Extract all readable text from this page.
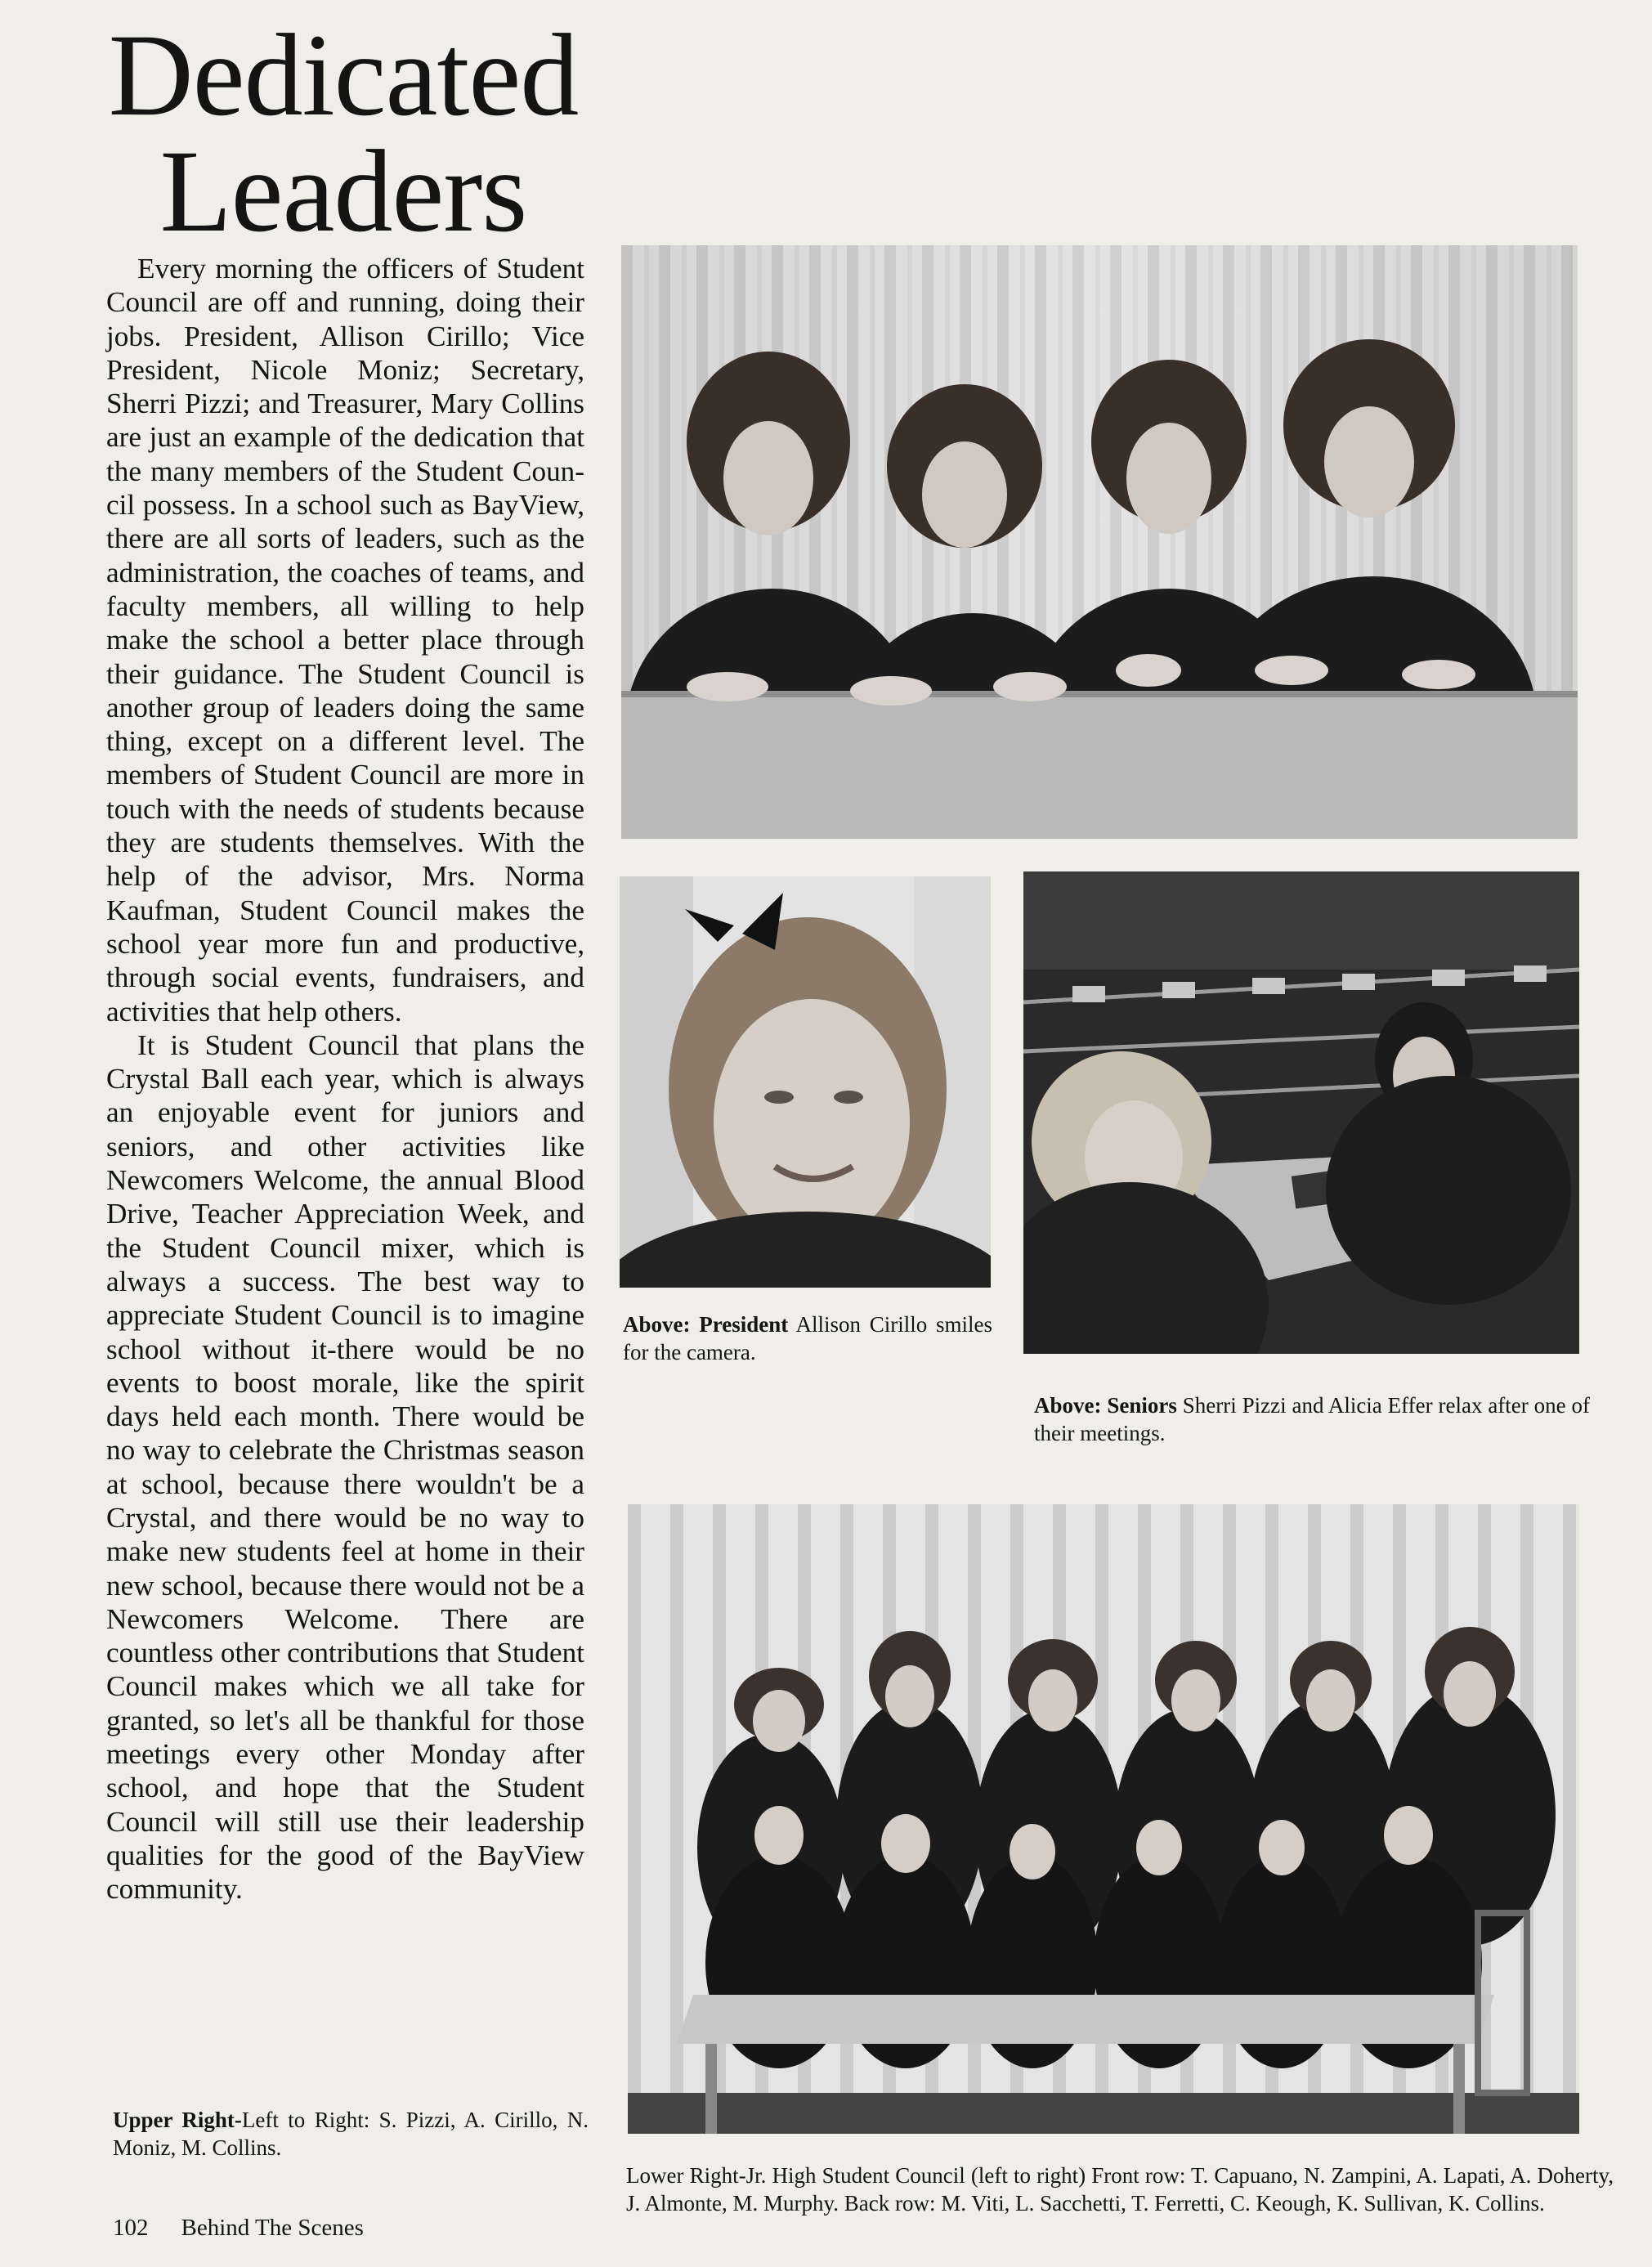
Dedicated
Leaders

Every morning the officers of Student Council are off and running, doing their jobs. President, Allison Cirillo; Vice President, Nicole Moniz; Secretary, Sherri Pizzi; and Treasurer, Mary Collins are just an example of the dedication that the many members of the Student Council possess. In a school such as BayView, there are all sorts of leaders, such as the administration, the coaches of teams, and faculty members, all willing to help make the school a better place through their guidance. The Student Council is another group of leaders doing the same thing, except on a different level. The members of Student Council are more in touch with the needs of students because they are students themselves. With the help of the advisor, Mrs. Norma Kaufman, Student Council makes the school year more fun and productive, through social events, fundraisers, and activities that help others.

It is Student Council that plans the Crystal Ball each year, which is always an enjoyable event for juniors and seniors, and other activities like Newcomers Welcome, the annual Blood Drive, Teacher Appreciation Week, and the Student Council mixer, which is always a success. The best way to appreciate Student Council is to imagine school without it-there would be no events to boost morale, like the spirit days held each month. There would be no way to celebrate the Christmas season at school, because there wouldn't be a Crystal, and there would be no way to make new students feel at home in their new school, because there would not be a Newcomers Welcome. There are countless other contributions that Student Council makes which we all take for granted, so let's all be thankful for those meetings every other Monday after school, and hope that the Student Council will still use their leadership qualities for the good of the BayView community.

Above: President Allison Cirillo smiles for the camera.
Above: Seniors Sherri Pizzi and Alicia Effer relax after one of their meetings.
Upper Right-Left to Right: S. Pizzi, A. Cirillo, N. Moniz, M. Collins.
Lower Right-Jr. High Student Council (left to right) Front row: T. Capuano, N. Zampini, A. Lapati, A. Doherty, J. Almonte, M. Murphy. Back row: M. Viti, L. Sacchetti, T. Ferretti, C. Keough, K. Sullivan, K. Collins.
102 Behind The Scenes
